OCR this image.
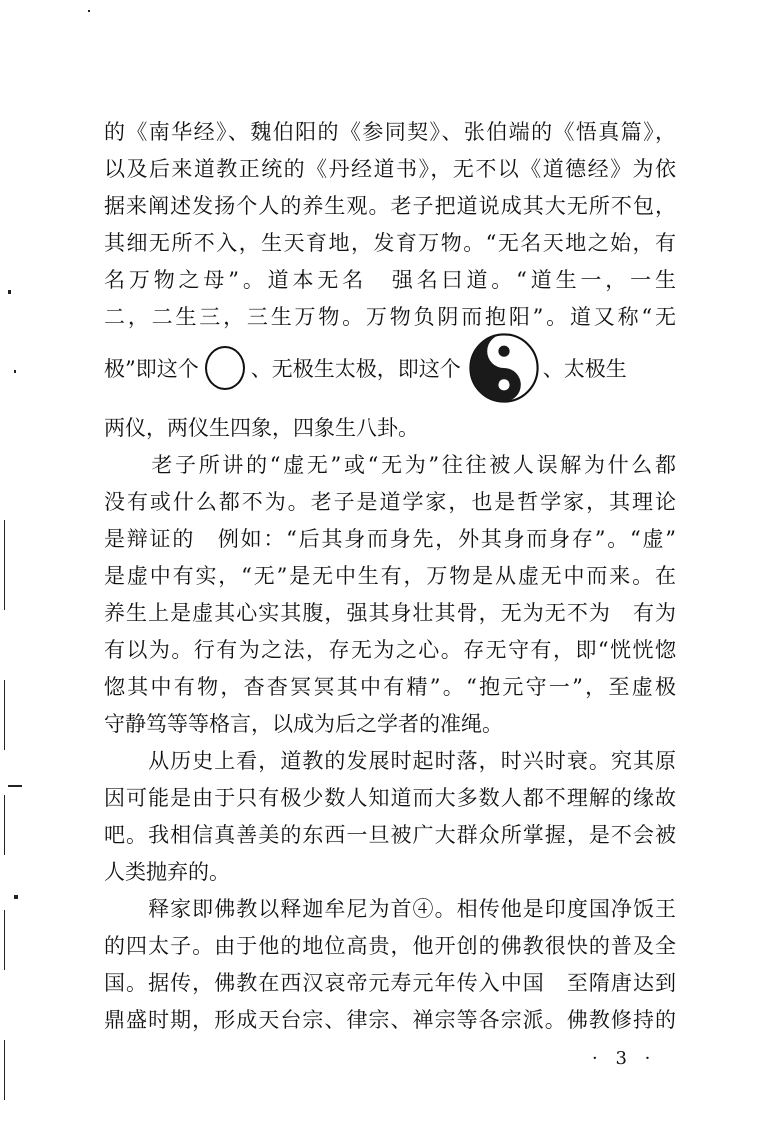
的《南华经》、魏伯阳的《参同契》、张伯端的《悟真篇》，
以及后来道教正统的《丹经道书》，无不以《道德经》为依
据来阐述发扬个人的养生观。老子把道说成其大无所不包，
其细无所不入，生天育地，发育万物。“无名天地之始，有
名万物之母”。道本无名　强名曰道。“道生一，一生
二，二生三，三生万物。万物负阴而抱阳”。道又称“无
极”即这个 、无极生太极，即这个	、太极生
两仪，两仪生四象，四象生八卦。
　　老子所讲的“虚无”或“无为”往往被人误解为什么都
没有或什么都不为。老子是道学家，也是哲学家，其理论
是辩证的　例如：“后其身而身先，外其身而身存”。“虚”
是虚中有实，“无”是无中生有，万物是从虚无中而来。在
养生上是虚其心实其腹，强其身壮其骨，无为无不为　有为
有以为。行有为之法，存无为之心。存无守有，即“恍恍惚
惚其中有物，杳杳冥冥其中有精”。“抱元守一”，至虚极
守静笃等等格言，以成为后之学者的准绳。
　　从历史上看，道教的发展时起时落，时兴时衰。究其原
因可能是由于只有极少数人知道而大多数人都不理解的缘故
吧。我相信真善美的东西一旦被广大群众所掌握，是不会被
人类抛弃的。
　　释家即佛教以释迦牟尼为首④。相传他是印度国净饭王
的四太子。由于他的地位高贵，他开创的佛教很快的普及全
国。据传，佛教在西汉哀帝元寿元年传入中国　至隋唐达到
鼎盛时期，形成天台宗、律宗、禅宗等各宗派。佛教修持的
· 3 ·
